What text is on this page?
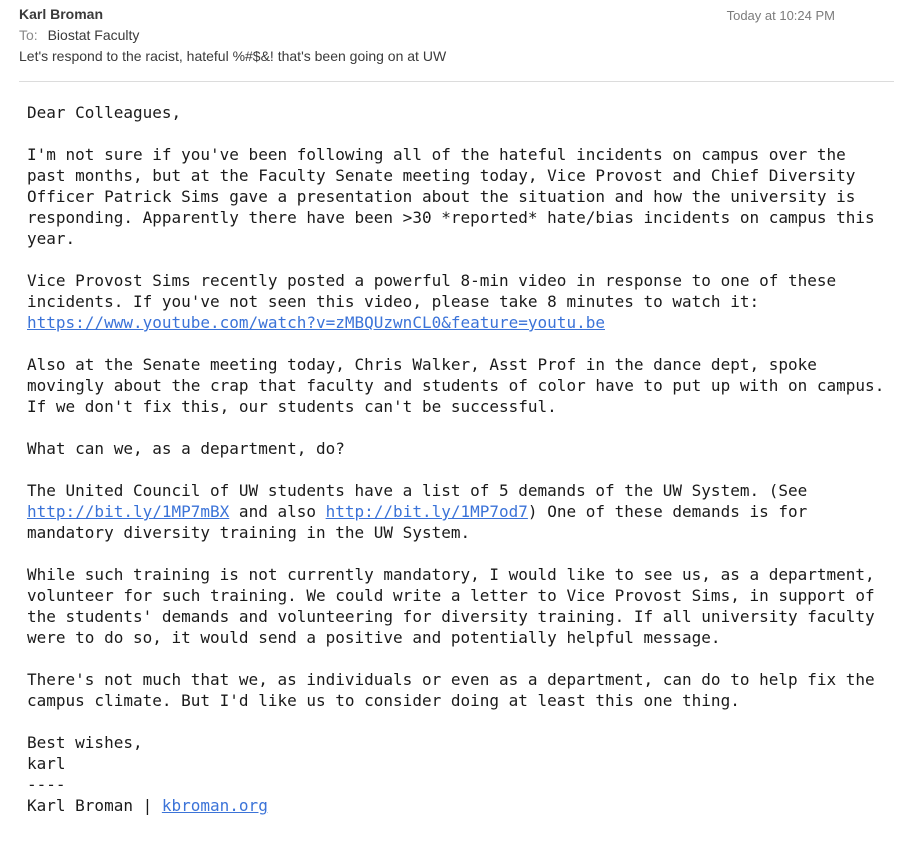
Karl Broman	Today at 10:24 PM
To: Biostat Faculty
Let's respond to the racist, hateful %#$&! that's been going on at UW

Dear Colleagues,

I'm not sure if you've been following all of the hateful incidents on campus over the
past months, but at the Faculty Senate meeting today, Vice Provost and Chief Diversity
Officer Patrick Sims gave a presentation about the situation and how the university is
responding. Apparently there have been >30 *reported* hate/bias incidents on campus this
year.

Vice Provost Sims recently posted a powerful 8-min video in response to one of these
incidents. If you've not seen this video, please take 8 minutes to watch it:
https://www.youtube.com/watch?v=zMBQUzwnCL0&feature=youtu.be

Also at the Senate meeting today, Chris Walker, Asst Prof in the dance dept, spoke
movingly about the crap that faculty and students of color have to put up with on campus.
If we don't fix this, our students can't be successful.

What can we, as a department, do?

The United Council of UW students have a list of 5 demands of the UW System. (See
http://bit.ly/1MP7mBX and also http://bit.ly/1MP7od7) One of these demands is for
mandatory diversity training in the UW System.

While such training is not currently mandatory, I would like to see us, as a department,
volunteer for such training. We could write a letter to Vice Provost Sims, in support of
the students' demands and volunteering for diversity training. If all university faculty
were to do so, it would send a positive and potentially helpful message.

There's not much that we, as individuals or even as a department, can do to help fix the
campus climate. But I'd like us to consider doing at least this one thing.

Best wishes,
karl
----
Karl Broman | kbroman.org
